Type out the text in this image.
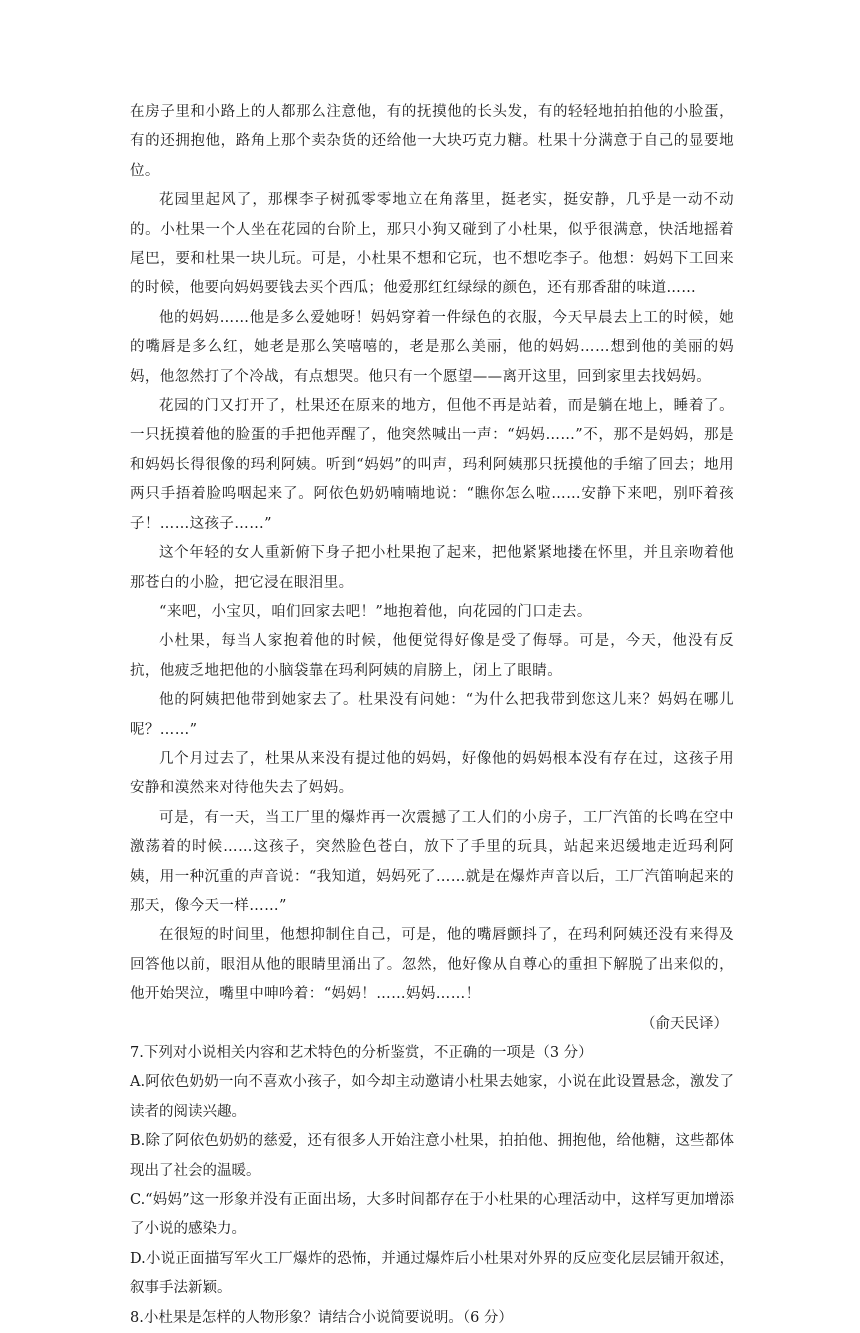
在房子里和小路上的人都那么注意他，有的抚摸他的长头发，有的轻轻地拍拍他的小脸蛋，有的还拥抱他，路角上那个卖杂货的还给他一大块巧克力糖。杜果十分满意于自己的显要地位。

花园里起风了，那棵李子树孤零零地立在角落里，挺老实，挺安静，几乎是一动不动的。小杜果一个人坐在花园的台阶上，那只小狗又碰到了小杜果，似乎很满意，快活地摇着尾巴，要和杜果一块儿玩。可是，小杜果不想和它玩，也不想吃李子。他想：妈妈下工回来的时候，他要向妈妈要钱去买个西瓜；他爱那红红绿绿的颜色，还有那香甜的味道……

他的妈妈……他是多么爱她呀！妈妈穿着一件绿色的衣服，今天早晨去上工的时候，她的嘴唇是多么红，她老是那么笑嘻嘻的，老是那么美丽，他的妈妈……想到他的美丽的妈妈，他忽然打了个冷战，有点想哭。他只有一个愿望——离开这里，回到家里去找妈妈。

花园的门又打开了，杜果还在原来的地方，但他不再是站着，而是躺在地上，睡着了。一只抚摸着他的脸蛋的手把他弄醒了，他突然喊出一声：“妈妈……”不，那不是妈妈，那是和妈妈长得很像的玛利阿姨。听到“妈妈”的叫声，玛利阿姨那只抚摸他的手缩了回去；地用两只手捂着脸呜咽起来了。阿依色奶奶喃喃地说：“瞧你怎么啦……安静下来吧，别吓着孩子！……这孩子……”

这个年轻的女人重新俯下身子把小杜果抱了起来，把他紧紧地搂在怀里，并且亲吻着他那苍白的小脸，把它浸在眼泪里。

“来吧，小宝贝，咱们回家去吧！”地抱着他，向花园的门口走去。

小杜果，每当人家抱着他的时候，他便觉得好像是受了侮辱。可是，今天，他没有反抗，他疲乏地把他的小脑袋靠在玛利阿姨的肩膀上，闭上了眼睛。

他的阿姨把他带到她家去了。杜果没有问她：“为什么把我带到您这儿来？妈妈在哪儿呢？……”

几个月过去了，杜果从来没有提过他的妈妈，好像他的妈妈根本没有存在过，这孩子用安静和漠然来对待他失去了妈妈。

可是，有一天，当工厂里的爆炸再一次震撼了工人们的小房子，工厂汽笛的长鸣在空中激荡着的时候……这孩子，突然脸色苍白，放下了手里的玩具，站起来迟缓地走近玛利阿姨，用一种沉重的声音说：“我知道，妈妈死了……就是在爆炸声音以后，工厂汽笛响起来的那天，像今天一样……”

在很短的时间里，他想抑制住自己，可是，他的嘴唇颤抖了，在玛利阿姨还没有来得及回答他以前，眼泪从他的眼睛里涌出了。忽然，他好像从自尊心的重担下解脱了出来似的，他开始哭泣，嘴里中呻吟着：“妈妈！……妈妈……！

（俞天民译）

7.下列对小说相关内容和艺术特色的分析鉴赏，不正确的一项是（3 分）

A.阿依色奶奶一向不喜欢小孩子，如今却主动邀请小杜果去她家，小说在此设置悬念，激发了读者的阅读兴趣。

B.除了阿依色奶奶的慈爱，还有很多人开始注意小杜果，拍拍他、拥抱他，给他糖，这些都体现出了社会的温暖。

C.“妈妈”这一形象并没有正面出场，大多时间都存在于小杜果的心理活动中，这样写更加增添了小说的感染力。

D.小说正面描写军火工厂爆炸的恐怖，并通过爆炸后小杜果对外界的反应变化层层铺开叙述，叙事手法新颖。

8.小杜果是怎样的人物形象？请结合小说简要说明。（6 分）
